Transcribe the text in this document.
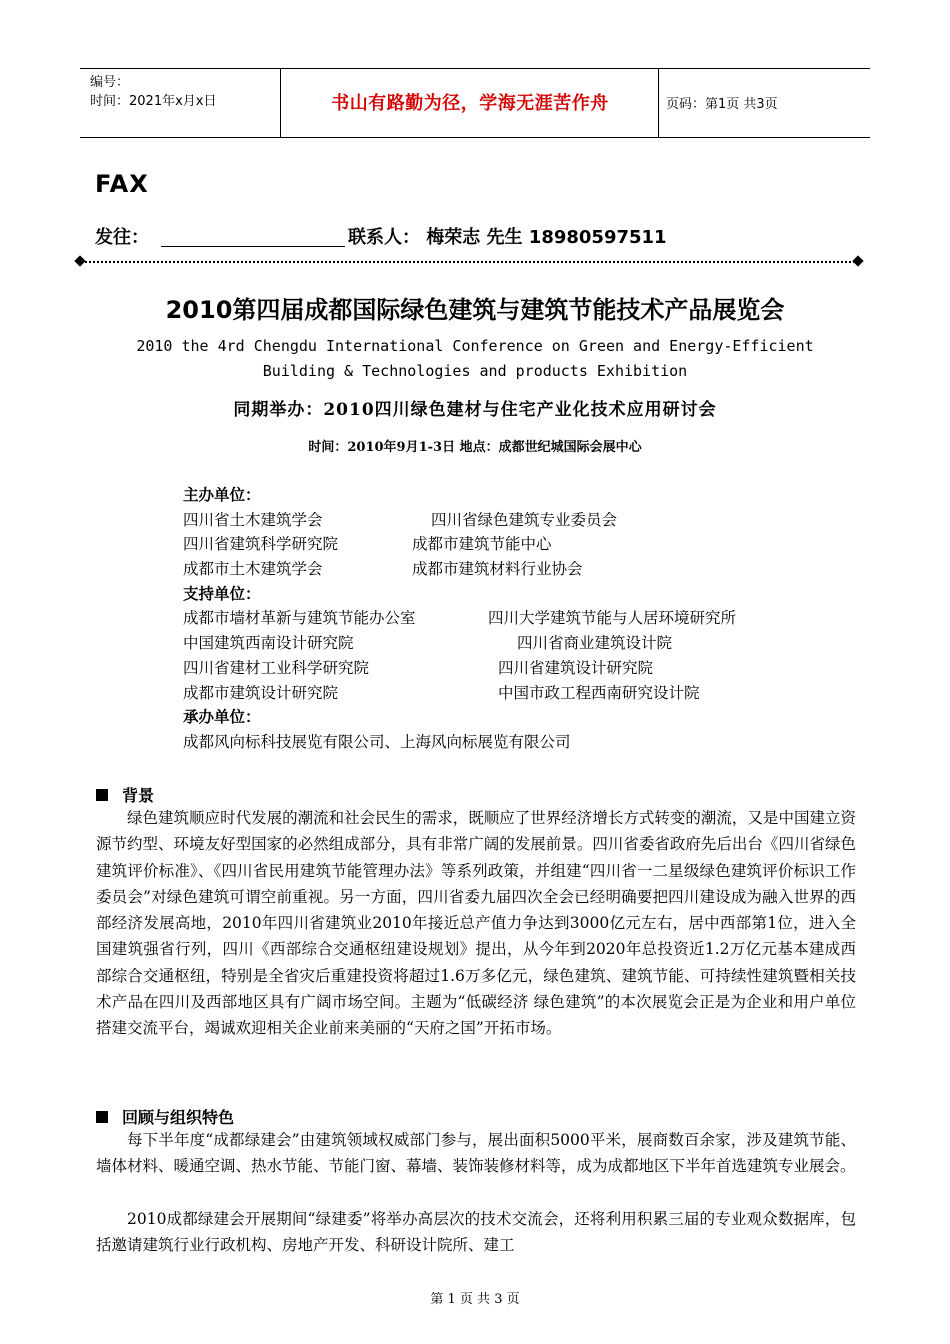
编号：
时间：2021年x月x日	书山有路勤为径，学海无涯苦作舟	页码：第1页 共3页
FAX
发往：	联系人： 梅荣志 先生 18980597511
2010第四届成都国际绿色建筑与建筑节能技术产品展览会
2010 the 4rd Chengdu International Conference on Green and Energy-Efficient
Building & Technologies and products Exhibition
同期举办：2010四川绿色建材与住宅产业化技术应用研讨会
时间：2010年9月1-3日 地点：成都世纪城国际会展中心
主办单位：
四川省土木建筑学会	四川省绿色建筑专业委员会
四川省建筑科学研究院	成都市建筑节能中心
成都市土木建筑学会	成都市建筑材料行业协会
支持单位：
成都市墙材革新与建筑节能办公室	四川大学建筑节能与人居环境研究所
中国建筑西南设计研究院	四川省商业建筑设计院
四川省建材工业科学研究院	四川省建筑设计研究院
成都市建筑设计研究院	中国市政工程西南研究设计院
承办单位：
成都风向标科技展览有限公司、上海风向标展览有限公司
背景
绿色建筑顺应时代发展的潮流和社会民生的需求，既顺应了世界经济增长方式转变的潮流，又是中国建立资源节约型、环境友好型国家的必然组成部分，具有非常广阔的发展前景。四川省委省政府先后出台《四川省绿色建筑评价标准》、《四川省民用建筑节能管理办法》等系列政策，并组建“四川省一二星级绿色建筑评价标识工作委员会”对绿色建筑可谓空前重视。另一方面，四川省委九届四次全会已经明确要把四川建设成为融入世界的西部经济发展高地，2010年四川省建筑业2010年接近总产值力争达到3000亿元左右，居中西部第1位，进入全国建筑强省行列，四川《西部综合交通枢纽建设规划》提出，从今年到2020年总投资近1.2万亿元基本建成西部综合交通枢纽，特别是全省灾后重建投资将超过1.6万多亿元，绿色建筑、建筑节能、可持续性建筑暨相关技术产品在四川及西部地区具有广阔市场空间。主题为“低碳经济 绿色建筑”的本次展览会正是为企业和用户单位搭建交流平台，竭诚欢迎相关企业前来美丽的“天府之国”开拓市场。
回顾与组织特色
每下半年度“成都绿建会”由建筑领域权威部门参与，展出面积5000平米，展商数百余家，涉及建筑节能、墙体材料、暖通空调、热水节能、节能门窗、幕墙、装饰装修材料等，成为成都地区下半年首选建筑专业展会。
2010成都绿建会开展期间“绿建委”将举办高层次的技术交流会，还将利用积累三届的专业观众数据库，包括邀请建筑行业行政机构、房地产开发、科研设计院所、建工
第 1 页 共 3 页
